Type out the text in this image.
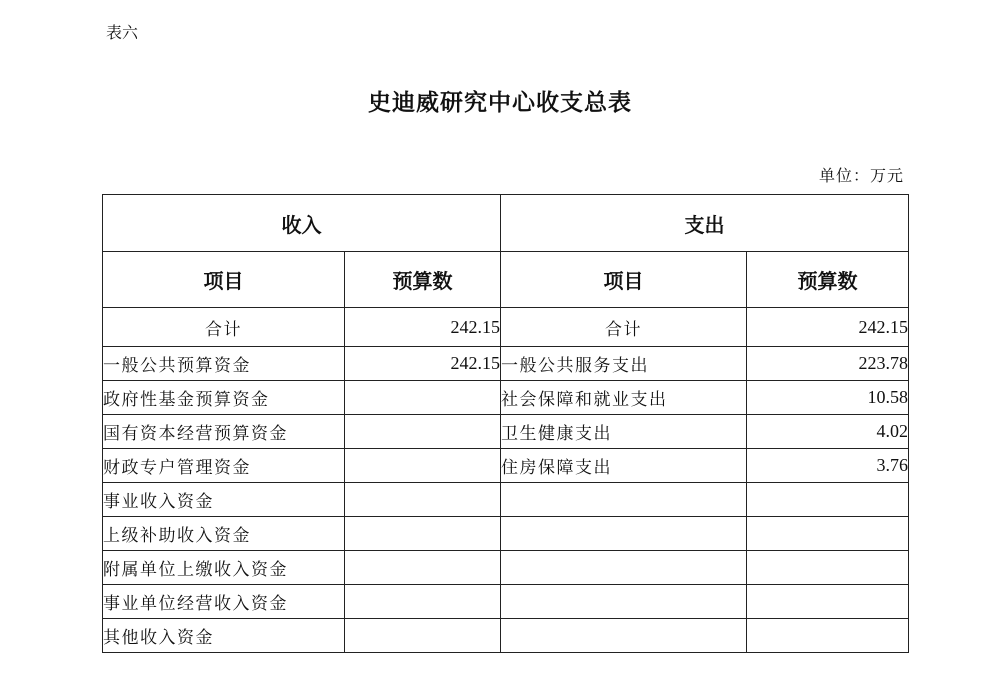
表六
史迪威研究中心收支总表
单位：万元
收入		支出	
项目	预算数	项目	预算数
合计	242.15	合计	242.15
一般公共预算资金	242.15	一般公共服务支出	223.78
政府性基金预算资金		社会保障和就业支出	10.58
国有资本经营预算资金		卫生健康支出	4.02
财政专户管理资金		住房保障支出	3.76
事业收入资金			
上级补助收入资金			
附属单位上缴收入资金			
事业单位经营收入资金			
其他收入资金			
